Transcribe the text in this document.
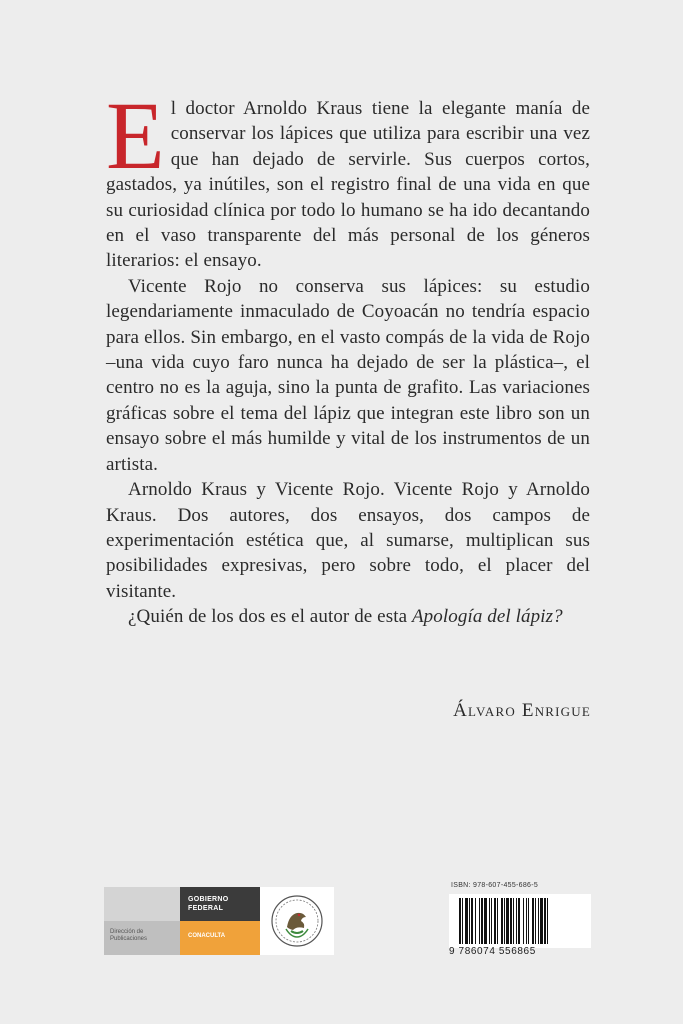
El doctor Arnoldo Kraus tiene la elegante manía de conservar los lápices que utiliza para escribir una vez que han dejado de servirle. Sus cuerpos cortos, gastados, ya inútiles, son el registro final de una vida en que su curiosidad clínica por todo lo humano se ha ido decantando en el vaso transparente del más personal de los géneros literarios: el ensayo.

Vicente Rojo no conserva sus lápices: su estudio legendariamente inmaculado de Coyoacán no tendría espacio para ellos. Sin embargo, en el vasto compás de la vida de Rojo –una vida cuyo faro nunca ha dejado de ser la plástica–, el centro no es la aguja, sino la punta de grafito. Las variaciones gráficas sobre el tema del lápiz que integran este libro son un ensayo sobre el más humilde y vital de los instrumentos de un artista.

Arnoldo Kraus y Vicente Rojo. Vicente Rojo y Arnoldo Kraus. Dos autores, dos ensayos, dos campos de experimentación estética que, al sumarse, multiplican sus posibilidades expresivas, pero sobre todo, el placer del visitante.

¿Quién de los dos es el autor de esta Apología del lápiz?

Álvaro Enrigue
Dirección de
Publicaciones
GOBIERNO
FEDERAL
CONACULTA
ISBN: 978-607-455-686-5
9 786074 556865
